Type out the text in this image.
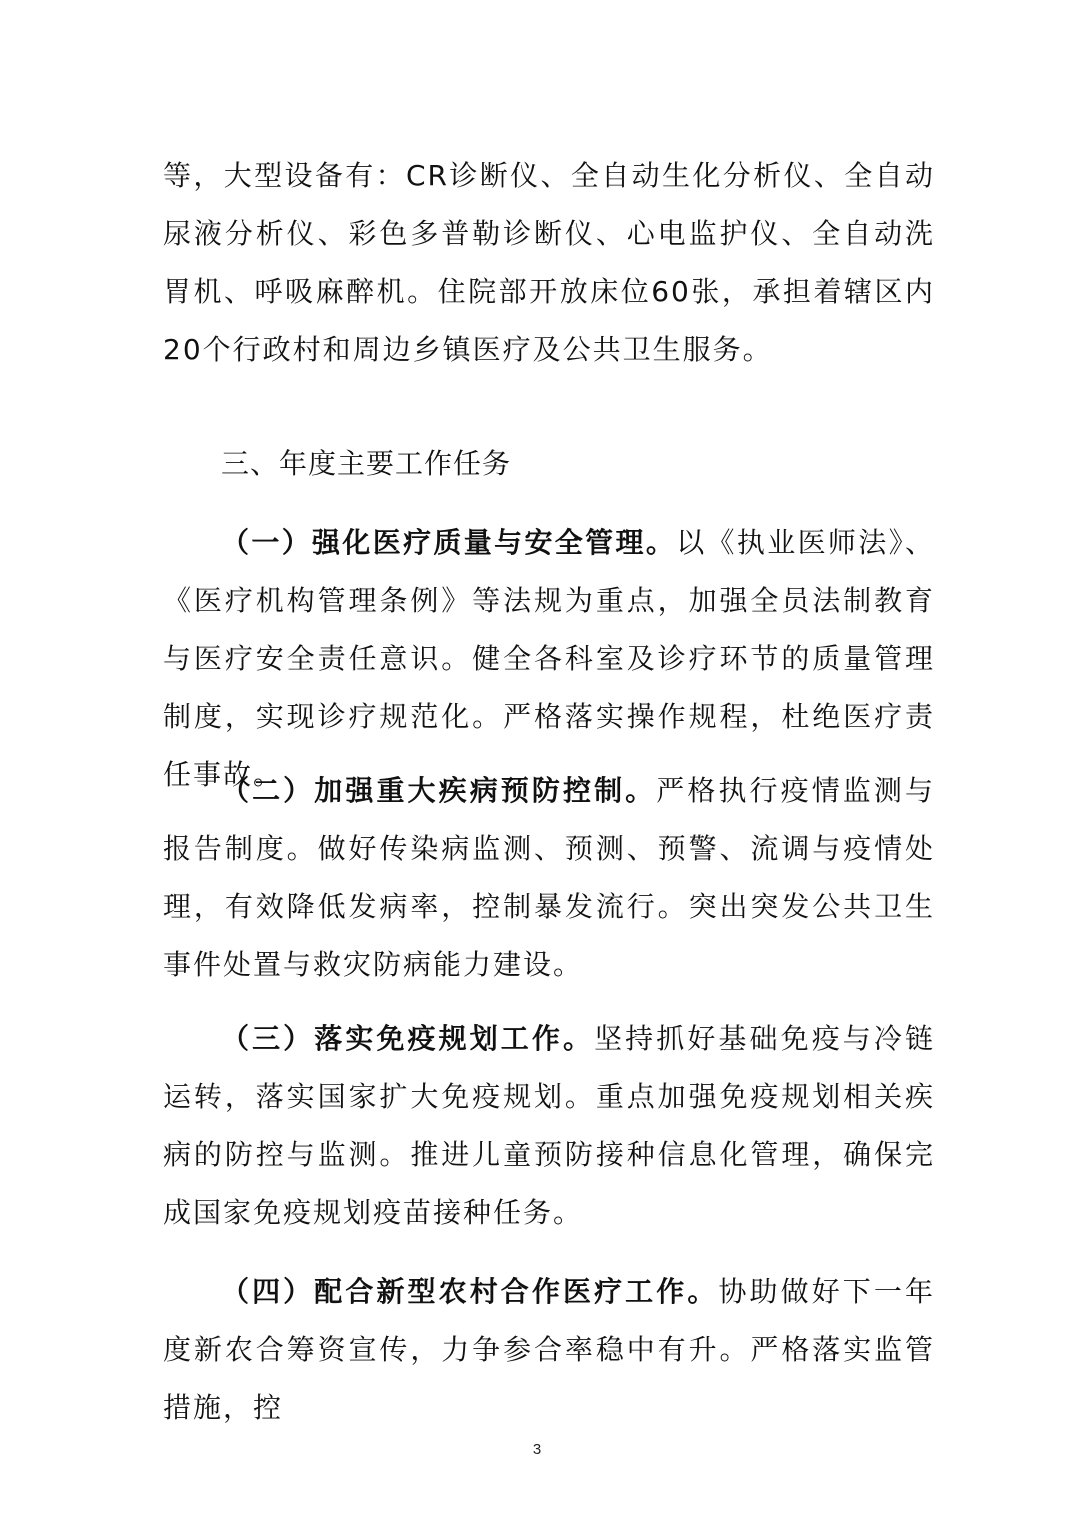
等，大型设备有：CR诊断仪、全自动生化分析仪、全自动尿液分析仪、彩色多普勒诊断仪、心电监护仪、全自动洗胃机、呼吸麻醉机。住院部开放床位60张，承担着辖区内20个行政村和周边乡镇医疗及公共卫生服务。

三、年度主要工作任务

（一）强化医疗质量与安全管理。以《执业医师法》、《医疗机构管理条例》等法规为重点，加强全员法制教育与医疗安全责任意识。健全各科室及诊疗环节的质量管理制度，实现诊疗规范化。严格落实操作规程，杜绝医疗责任事故。

（二）加强重大疾病预防控制。严格执行疫情监测与报告制度。做好传染病监测、预测、预警、流调与疫情处理，有效降低发病率，控制暴发流行。突出突发公共卫生事件处置与救灾防病能力建设。

（三）落实免疫规划工作。坚持抓好基础免疫与冷链运转，落实国家扩大免疫规划。重点加强免疫规划相关疾病的防控与监测。推进儿童预防接种信息化管理，确保完成国家免疫规划疫苗接种任务。

（四）配合新型农村合作医疗工作。协助做好下一年度新农合筹资宣传，力争参合率稳中有升。严格落实监管措施，控

3
